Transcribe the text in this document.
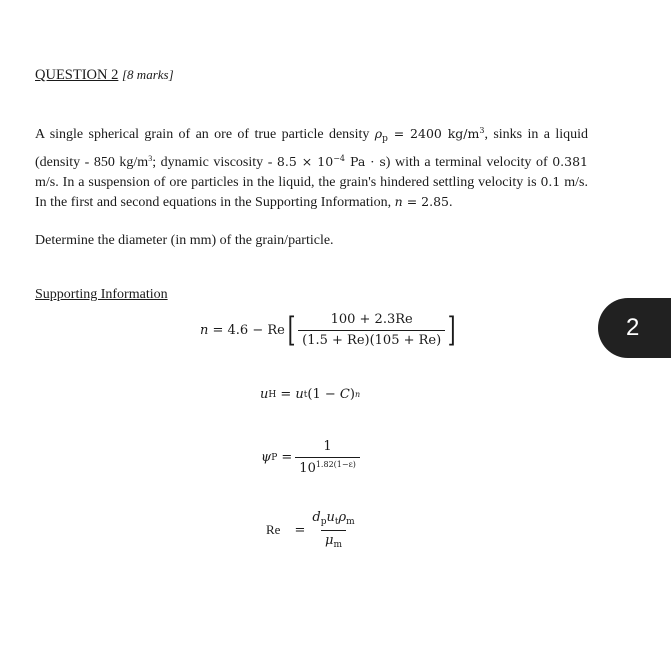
QUESTION 2 [8 marks]
A single spherical grain of an ore of true particle density $\rho_p = 2400$ $kg/m^3$, sinks in a liquid (density - 850 $kg/m^3$; dynamic viscosity - $8.5 \times 10^{-4}$ Pa · s) with a terminal velocity of 0.381 m/s. In a suspension of ore particles in the liquid, the grain's hindered settling velocity is 0.1 m/s. In the first and second equations in the Supporting Information, n = 2.85.
Determine the diameter (in mm) of the grain/particle.
Supporting Information
n = 4.6 − Re [ $\frac{100 + 2.3Re}{(1.5 + Re)(105 + Re)}$ ]
u H = u t (1 − C ) n
ψ $P = \frac{1}{10^{1.82(1-\varepsilon)}}$
$Re = \frac{d_pu_t\rho_m}{\mu_m}$
2
